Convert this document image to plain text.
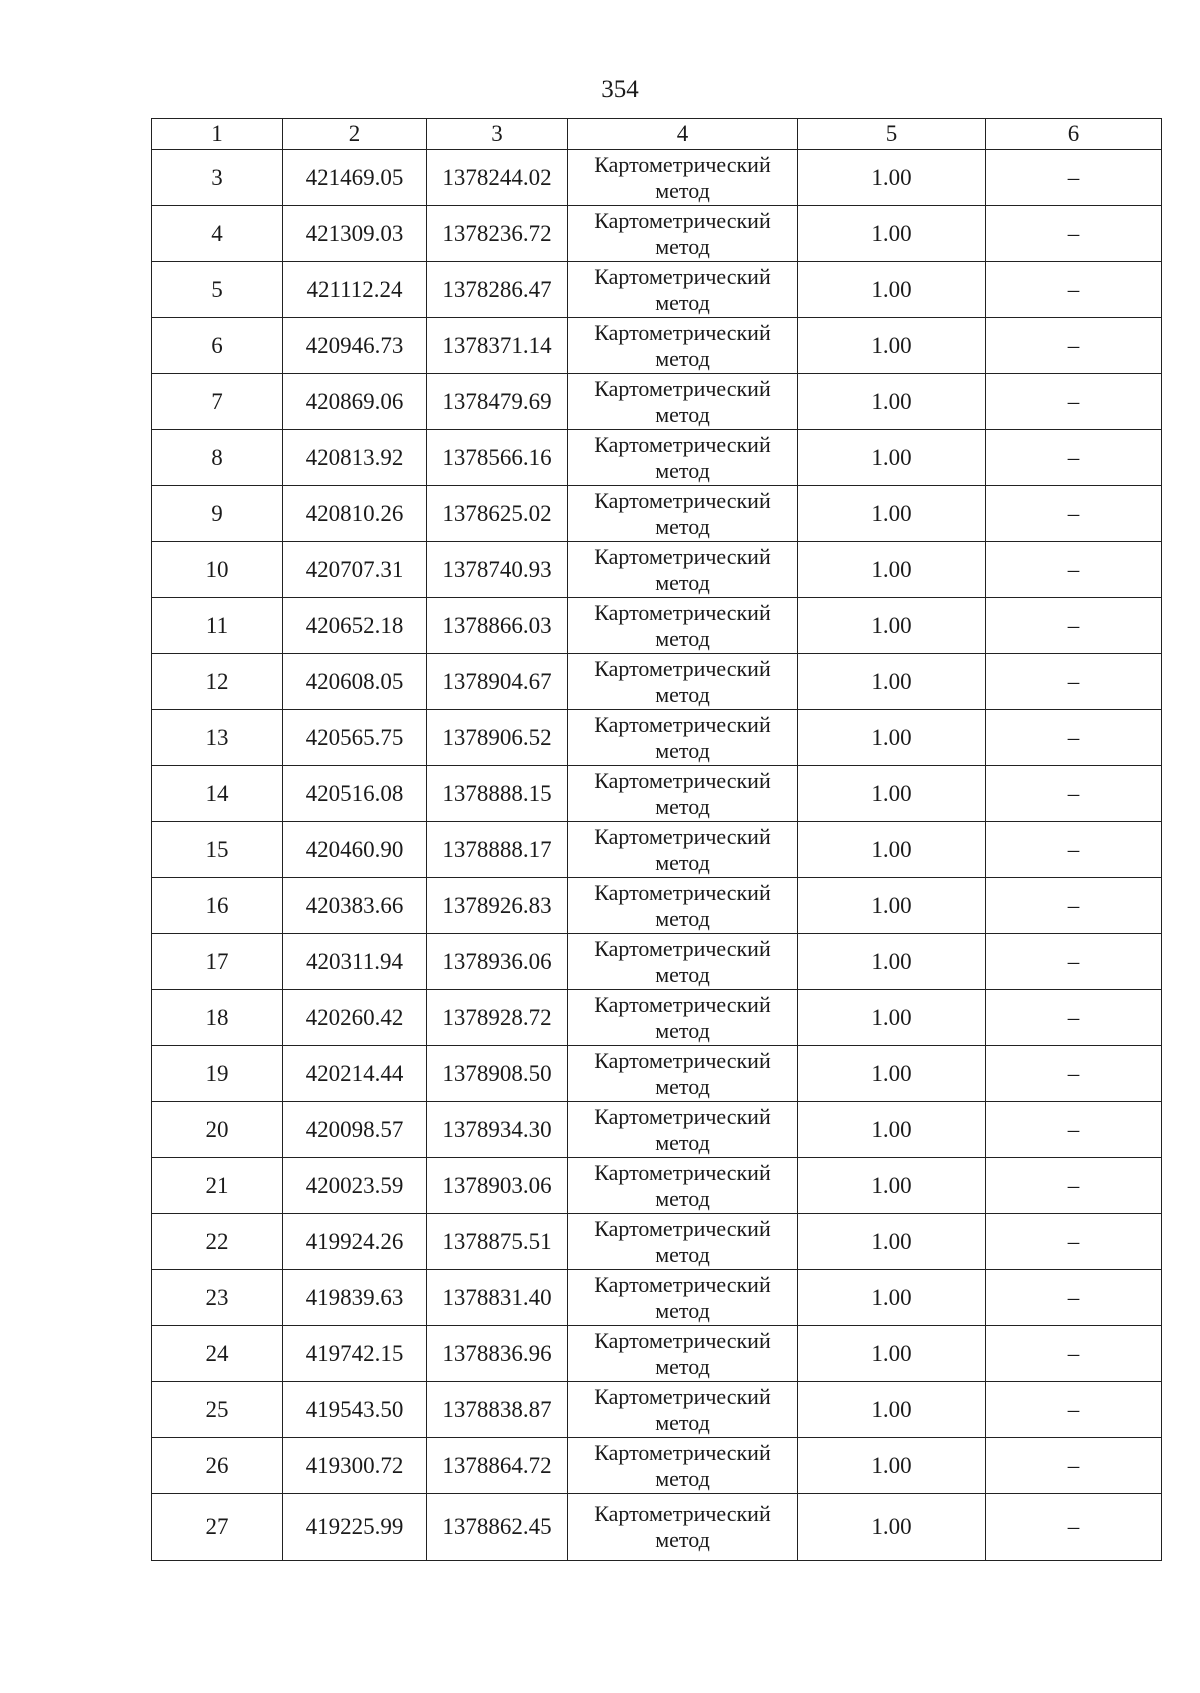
354
1	2	3	4	5	6
3	421469.05	1378244.02	Картометрический метод	1.00	–
4	421309.03	1378236.72	Картометрический метод	1.00	–
5	421112.24	1378286.47	Картометрический метод	1.00	–
6	420946.73	1378371.14	Картометрический метод	1.00	–
7	420869.06	1378479.69	Картометрический метод	1.00	–
8	420813.92	1378566.16	Картометрический метод	1.00	–
9	420810.26	1378625.02	Картометрический метод	1.00	–
10	420707.31	1378740.93	Картометрический метод	1.00	–
11	420652.18	1378866.03	Картометрический метод	1.00	–
12	420608.05	1378904.67	Картометрический метод	1.00	–
13	420565.75	1378906.52	Картометрический метод	1.00	–
14	420516.08	1378888.15	Картометрический метод	1.00	–
15	420460.90	1378888.17	Картометрический метод	1.00	–
16	420383.66	1378926.83	Картометрический метод	1.00	–
17	420311.94	1378936.06	Картометрический метод	1.00	–
18	420260.42	1378928.72	Картометрический метод	1.00	–
19	420214.44	1378908.50	Картометрический метод	1.00	–
20	420098.57	1378934.30	Картометрический метод	1.00	–
21	420023.59	1378903.06	Картометрический метод	1.00	–
22	419924.26	1378875.51	Картометрический метод	1.00	–
23	419839.63	1378831.40	Картометрический метод	1.00	–
24	419742.15	1378836.96	Картометрический метод	1.00	–
25	419543.50	1378838.87	Картометрический метод	1.00	–
26	419300.72	1378864.72	Картометрический метод	1.00	–
27	419225.99	1378862.45	Картометрический метод	1.00	–
